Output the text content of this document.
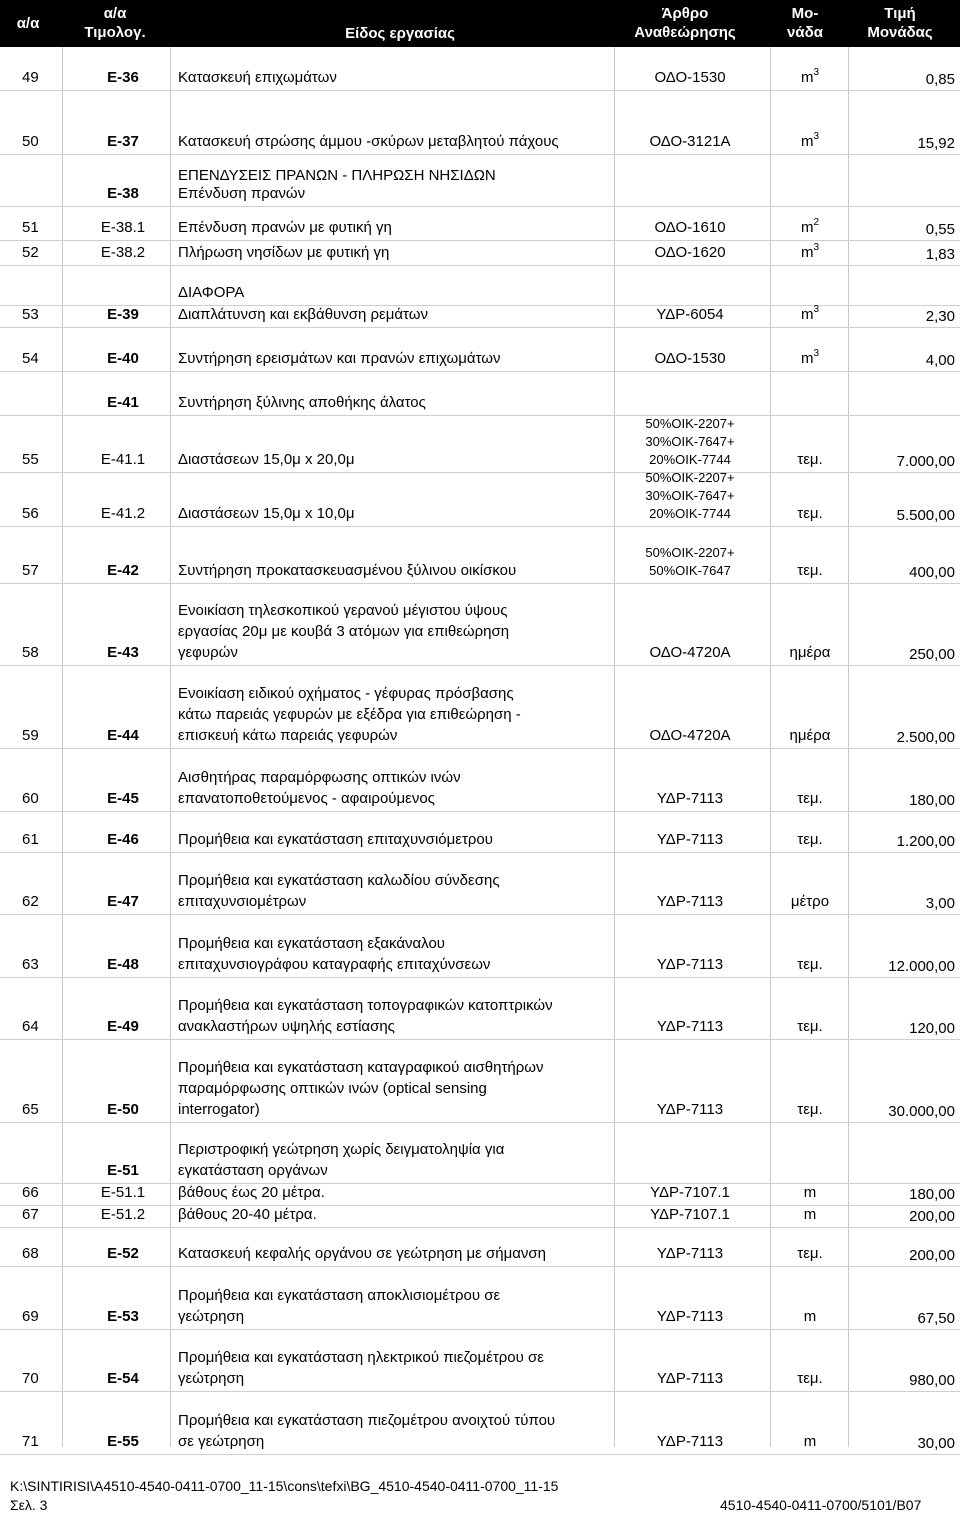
α/α
α/α
Τιμολογ.	Είδος εργασίας
Άρθρο
Αναθεώρησης
Μο-
νάδα
Τιμή
Μονάδας
49	Ε-36	Κατασκευή επιχωμάτων	ΟΔΟ-1530	$m^3$	0,85
50	Ε-37	Κατασκευή στρώσης άμμου -σκύρων μεταβλητού πάχους	ΟΔΟ-3121Α	$m^3$	15,92
Ε-38
ΕΠΕΝΔΥΣΕΙΣ ΠΡΑΝΩΝ - ΠΛΗΡΩΣΗ ΝΗΣΙΔΩΝ
Επένδυση πρανών
51	Ε-38.1	Επένδυση πρανών με φυτική γη	ΟΔΟ-1610	$m^2$	0,55
52	Ε-38.2	Πλήρωση νησίδων με φυτική γη	ΟΔΟ-1620	$m^3$	1,83
ΔΙΑΦΟΡΑ
53	Ε-39	Διαπλάτυνση και εκβάθυνση ρεμάτων	ΥΔΡ-6054	$m^3$	2,30
54	Ε-40	Συντήρηση ερεισμάτων και πρανών επιχωμάτων	ΟΔΟ-1530	$m^3$	4,00
Ε-41	Συντήρηση ξύλινης αποθήκης άλατος
55	Ε-41.1	Διαστάσεων 15,0μ x 20,0μ
50%ΟΙΚ-2207+
30%ΟΙΚ-7647+
20%ΟΙΚ-7744	τεμ.	7.000,00
56	Ε-41.2	Διαστάσεων 15,0μ x 10,0μ
50%ΟΙΚ-2207+
30%ΟΙΚ-7647+
20%ΟΙΚ-7744	τεμ.	5.500,00
57	Ε-42	Συντήρηση προκατασκευασμένου ξύλινου οικίσκου
50%ΟΙΚ-2207+
50%ΟΙΚ-7647	τεμ.	400,00
58	Ε-43
Ενοικίαση τηλεσκοπικού γερανού μέγιστου ύψους
εργασίας 20μ με κουβά 3 ατόμων για επιθεώρηση
γεφυρών	ΟΔΟ-4720Α	ημέρα	250,00
59	Ε-44
Ενοικίαση ειδικού οχήματος - γέφυρας πρόσβασης
κάτω παρειάς γεφυρών με εξέδρα για επιθεώρηση -
επισκευή κάτω παρειάς γεφυρών	ΟΔΟ-4720Α	ημέρα	2.500,00
60	Ε-45
Αισθητήρας παραμόρφωσης οπτικών ινών
επανατοποθετούμενος - αφαιρούμενος	ΥΔΡ-7113	τεμ.	180,00
61	Ε-46	Προμήθεια και εγκατάσταση επιταχυνσιόμετρου	ΥΔΡ-7113	τεμ.	1.200,00
62	Ε-47
Προμήθεια και εγκατάσταση καλωδίου σύνδεσης
επιταχυνσιομέτρων	ΥΔΡ-7113	μέτρο	3,00
63	Ε-48
Προμήθεια και εγκατάσταση εξακάναλου
επιταχυνσιογράφου καταγραφής επιταχύνσεων	ΥΔΡ-7113	τεμ.	12.000,00
64	Ε-49
Προμήθεια και εγκατάσταση τοπογραφικών κατοπτρικών
ανακλαστήρων υψηλής εστίασης	ΥΔΡ-7113	τεμ.	120,00
65	Ε-50
Προμήθεια και εγκατάσταση καταγραφικού αισθητήρων
παραμόρφωσης οπτικών ινών (optical sensing
interrogator)	ΥΔΡ-7113	τεμ.	30.000,00
Ε-51
Περιστροφική γεώτρηση χωρίς δειγματοληψία για
εγκατάσταση οργάνων
66	Ε-51.1	βάθους έως 20 μέτρα.	ΥΔΡ-7107.1	m	180,00
67	Ε-51.2	βάθους 20-40 μέτρα.	ΥΔΡ-7107.1	m	200,00
68	Ε-52	Κατασκευή κεφαλής οργάνου σε γεώτρηση με σήμανση	ΥΔΡ-7113	τεμ.	200,00
69	Ε-53
Προμήθεια και εγκατάσταση αποκλισιομέτρου σε
γεώτρηση	ΥΔΡ-7113	m	67,50
70	Ε-54
Προμήθεια και εγκατάσταση ηλεκτρικού πιεζομέτρου σε
γεώτρηση	ΥΔΡ-7113	τεμ.	980,00
71	Ε-55
Προμήθεια και εγκατάσταση πιεζομέτρου ανοιχτού τύπου
σε γεώτρηση	ΥΔΡ-7113	m	30,00
K:\SINTIRISI\A4510-4540-0411-0700_11-15\cons\tefxi\BG_4510-4540-0411-0700_11-15
Σελ. 3	4510-4540-0411-0700/5101/B07
